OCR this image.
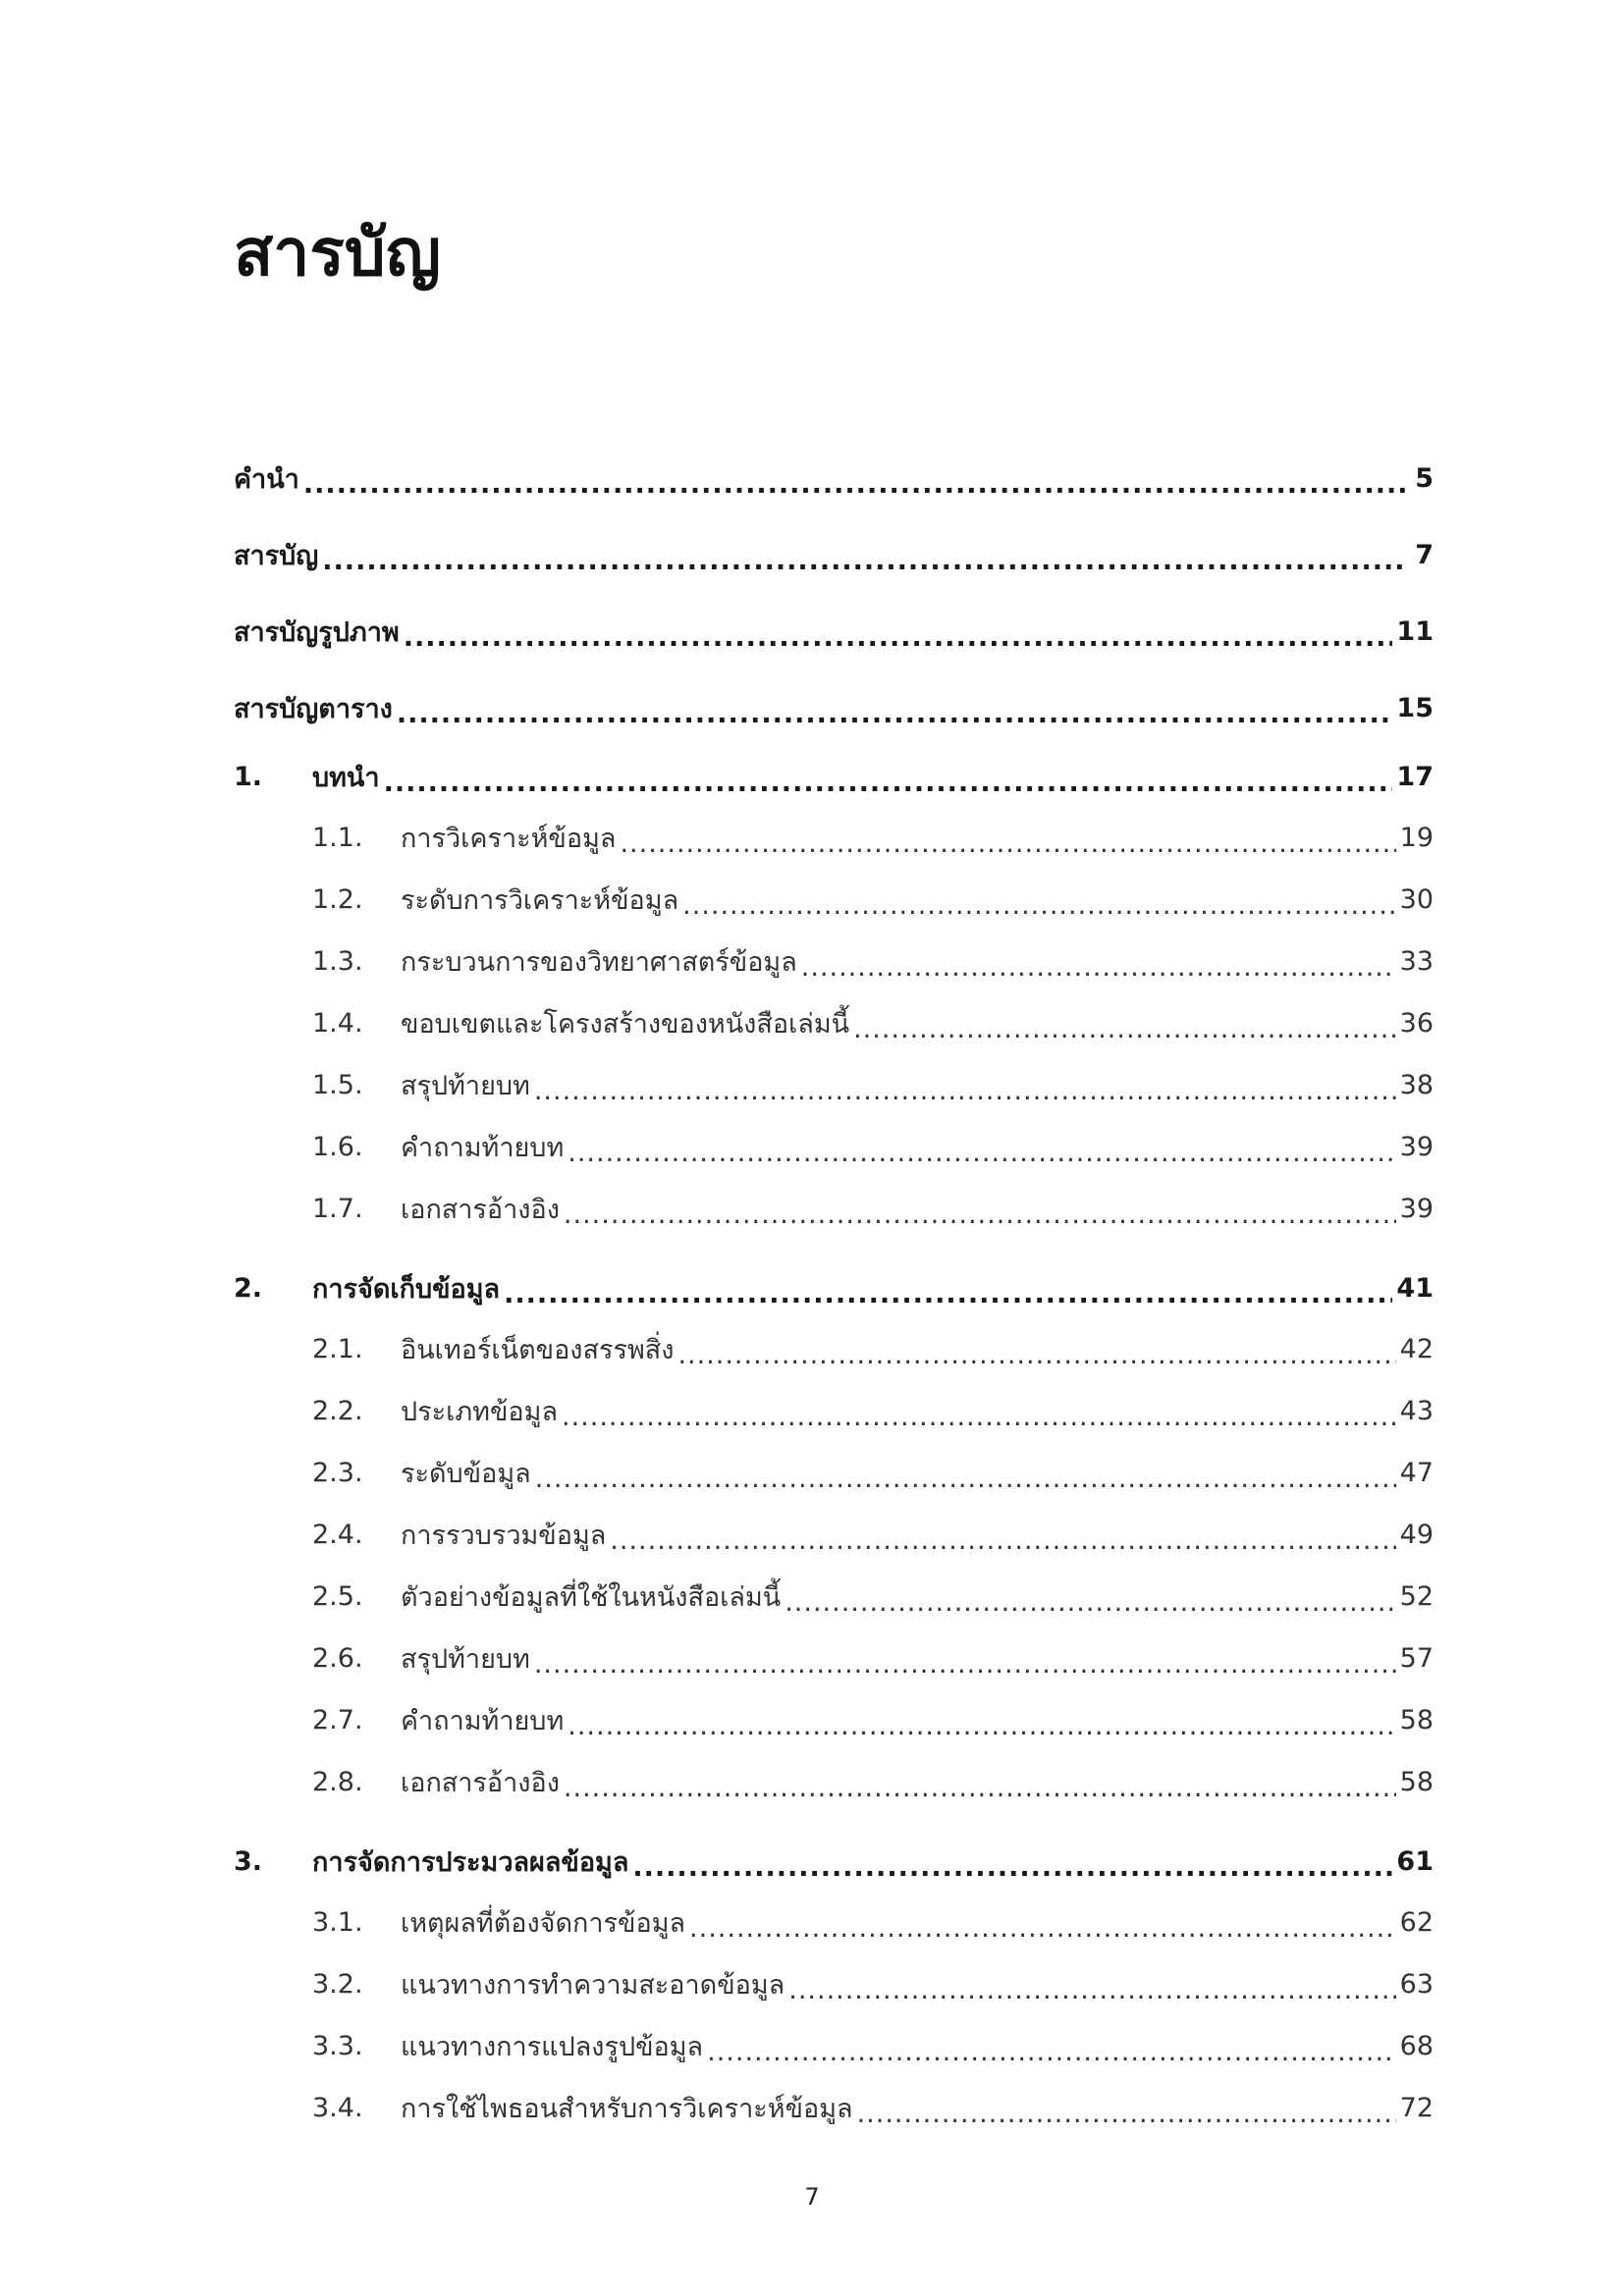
สารบัญ
คำนำ .....	5
สารบัญ .....	7
สารบัญรูปภาพ .....	11
สารบัญตาราง .....	15
1.	บทนำ .....	17
1.1.	การวิเคราะห์ข้อมูล .....	19
1.2.	ระดับการวิเคราะห์ข้อมูล .....	30
1.3.	กระบวนการของวิทยาศาสตร์ข้อมูล .....	33
1.4.	ขอบเขตและโครงสร้างของหนังสือเล่มนี้ .....	36
1.5.	สรุปท้ายบท .....	38
1.6.	คำถามท้ายบท .....	39
1.7.	เอกสารอ้างอิง .....	39
2.	การจัดเก็บข้อมูล .....	41
2.1.	อินเทอร์เน็ตของสรรพสิ่ง .....	42
2.2.	ประเภทข้อมูล .....	43
2.3.	ระดับข้อมูล .....	47
2.4.	การรวบรวมข้อมูล .....	49
2.5.	ตัวอย่างข้อมูลที่ใช้ในหนังสือเล่มนี้ .....	52
2.6.	สรุปท้ายบท .....	57
2.7.	คำถามท้ายบท .....	58
2.8.	เอกสารอ้างอิง .....	58
3.	การจัดการประมวลผลข้อมูล .....	61
3.1.	เหตุผลที่ต้องจัดการข้อมูล .....	62
3.2.	แนวทางการทำความสะอาดข้อมูล .....	63
3.3.	แนวทางการแปลงรูปข้อมูล .....	68
3.4.	การใช้ไพธอนสำหรับการวิเคราะห์ข้อมูล .....	72
7
